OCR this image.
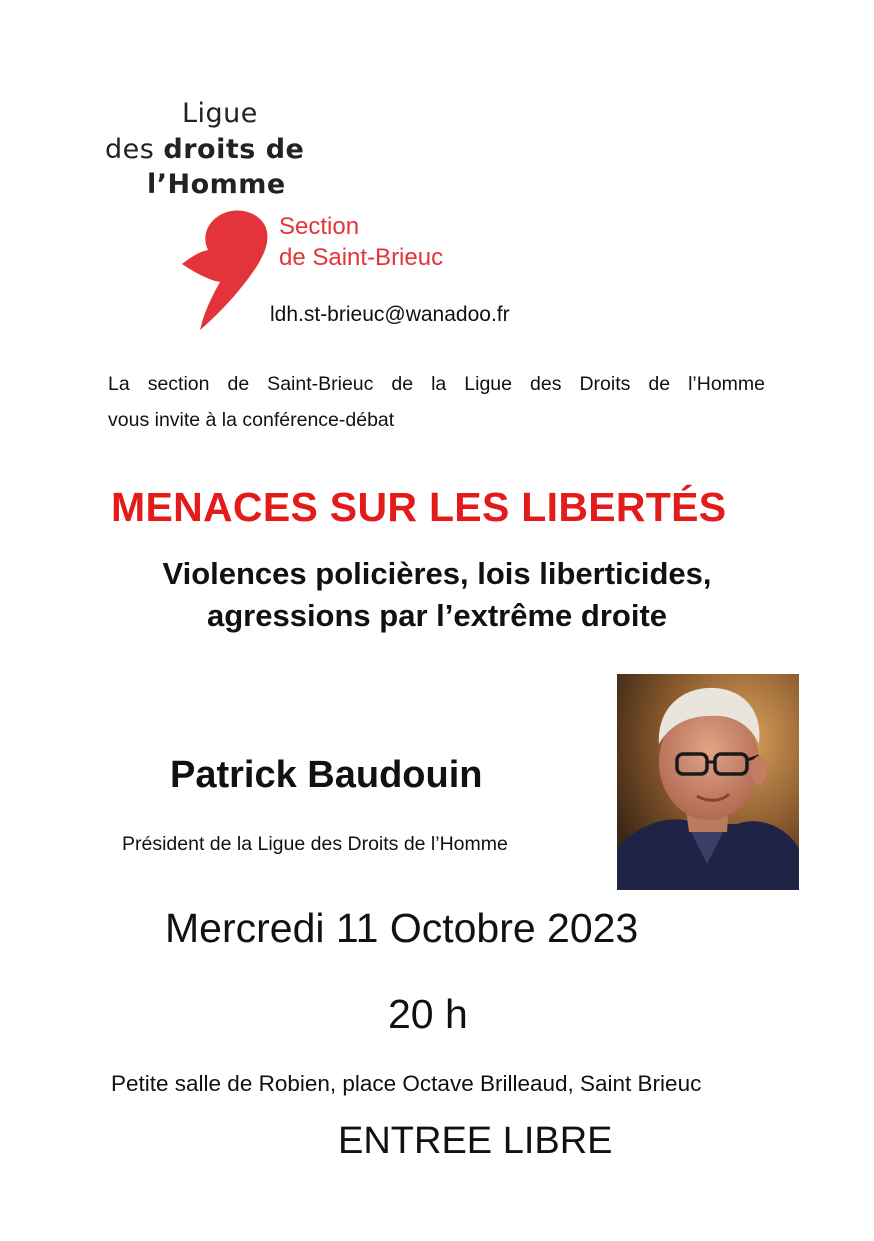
Ligue
des droits de
l’Homme
Section
de Saint-Brieuc
ldh.st-brieuc@wanadoo.fr
La section de Saint-Brieuc de la Ligue des Droits de l’Homme
vous invite à la conférence-débat
MENACES SUR LES LIBERTÉS
Violences policières, lois liberticides,
agressions par l’extrême droite
Patrick Baudouin
Président de la Ligue des Droits de l’Homme
Mercredi 11 Octobre 2023
20 h
Petite salle de Robien, place Octave Brilleaud, Saint Brieuc
ENTREE LIBRE
